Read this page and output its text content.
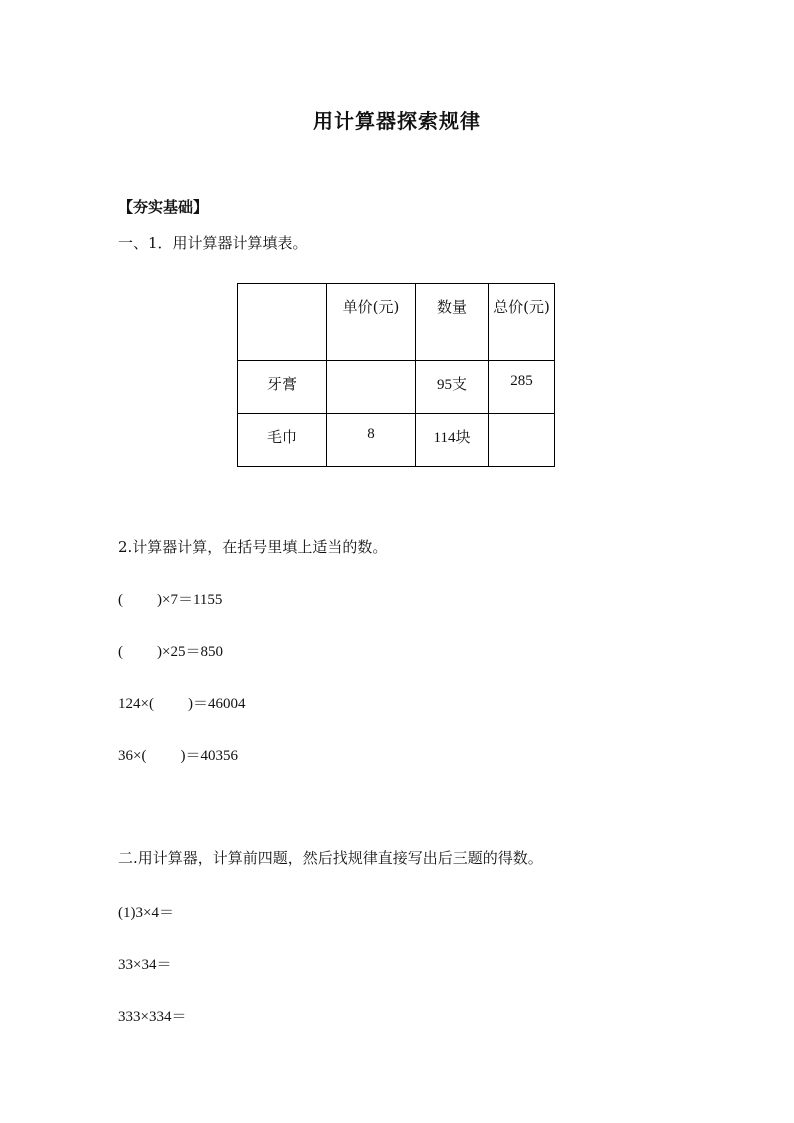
用计算器探索规律
【夯实基础】
一、1．用计算器计算填表。
	单价(元)	数量	总价(元)
牙膏		95支	285
毛巾	8	114块	
2.计算器计算，在括号里填上适当的数。
( )×7＝1155
( )×25＝850
124×( )＝46004
36×( )＝40356
二.用计算器，计算前四题，然后找规律直接写出后三题的得数。
(1)3×4＝
33×34＝
333×334＝
